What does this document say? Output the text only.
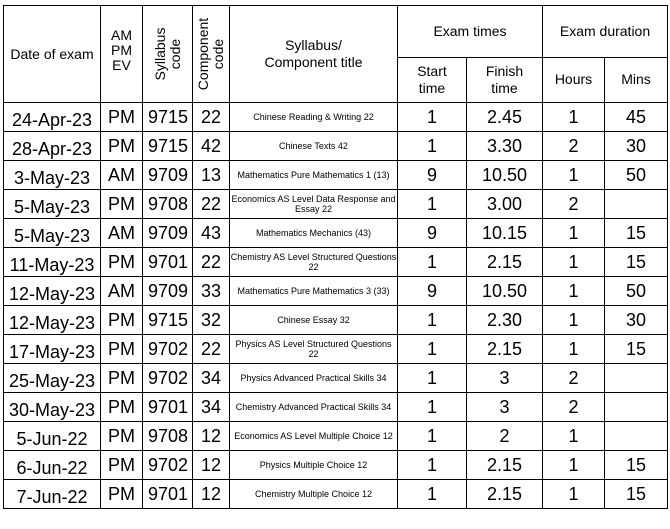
Date of exam	AM
PM
EV	Syllabus code	Component code	Syllabus/ Component title	Exam times		Exam duration	
					Start time	Finish time	Hours	Mins
24-Apr-23	PM	9715	22	Chinese Reading & Writing 22	1	2.45	1	45
28-Apr-23	PM	9715	42	Chinese Texts 42	1	3.30	2	30
3-May-23	AM	9709	13	Mathematics Pure Mathematics 1 (13)	9	10.50	1	50
5-May-23	PM	9708	22	Economics AS Level Data Response and Essay 22	1	3.00	2	
5-May-23	AM	9709	43	Mathematics Mechanics (43)	9	10.15	1	15
11-May-23	PM	9701	22	Chemistry AS Level Structured Questions 22	1	2.15	1	15
12-May-23	AM	9709	33	Mathematics Pure Mathematics 3 (33)	9	10.50	1	50
12-May-23	PM	9715	32	Chinese Essay 32	1	2.30	1	30
17-May-23	PM	9702	22	Physics AS Level Structured Questions 22	1	2.15	1	15
25-May-23	PM	9702	34	Physics Advanced Practical Skills 34	1	3	2	
30-May-23	PM	9701	34	Chemistry Advanced Practical Skills 34	1	3	2	
5-Jun-22	PM	9708	12	Economics AS Level Multiple Choice 12	1	2	1	
6-Jun-22	PM	9702	12	Physics Multiple Choice 12	1	2.15	1	15
7-Jun-22	PM	9701	12	Chemistry Multiple Choice 12	1	2.15	1	15
